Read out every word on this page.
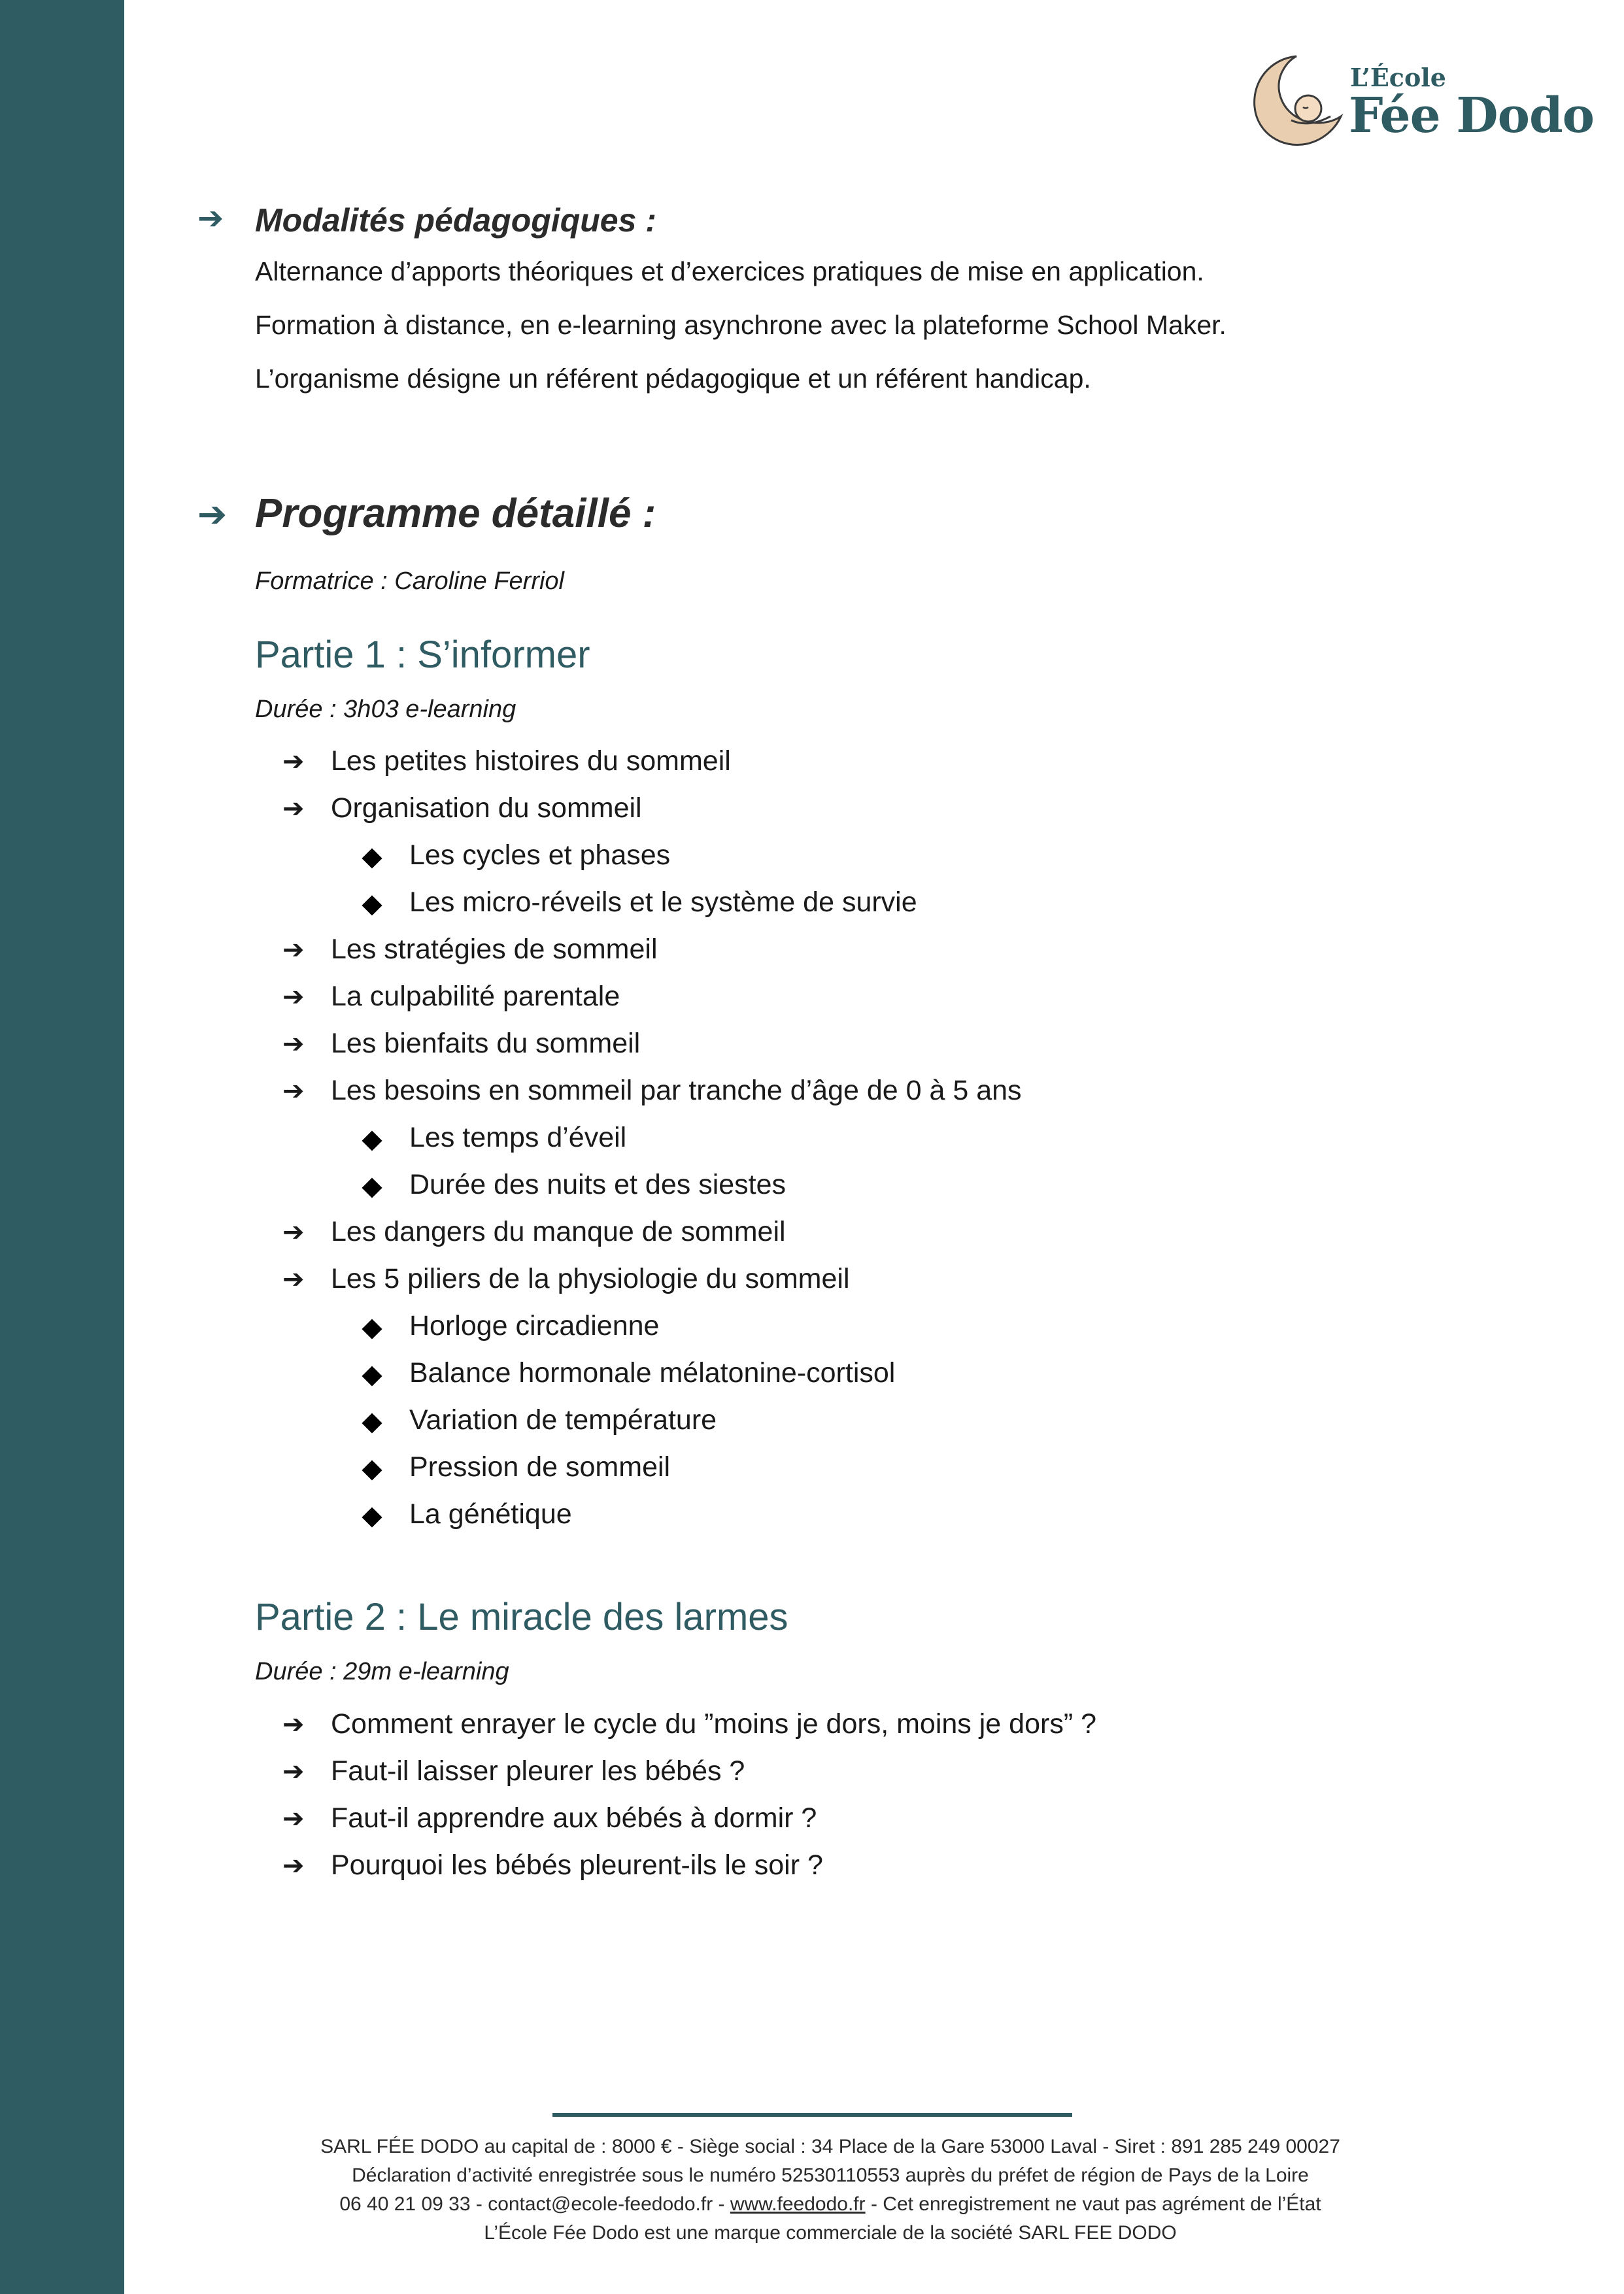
L’École
Fée Dodo
➔ Modalités pédagogiques :
Alternance d’apports théoriques et d’exercices pratiques de mise en application.
Formation à distance, en e-learning asynchrone avec la plateforme School Maker.
L’organisme désigne un référent pédagogique et un référent handicap.
➔ Programme détaillé :
Formatrice : Caroline Ferriol
Partie 1 : S’informer
Durée : 3h03 e-learning
➔ Les petites histoires du sommeil
➔ Organisation du sommeil
Les cycles et phases
Les micro-réveils et le système de survie
➔ Les stratégies de sommeil
➔ La culpabilité parentale
➔ Les bienfaits du sommeil
➔ Les besoins en sommeil par tranche d’âge de 0 à 5 ans
Les temps d’éveil
Durée des nuits et des siestes
➔ Les dangers du manque de sommeil
➔ Les 5 piliers de la physiologie du sommeil
Horloge circadienne
Balance hormonale mélatonine-cortisol
Variation de température
Pression de sommeil
La génétique
Partie 2 : Le miracle des larmes
Durée : 29m e-learning
➔ Comment enrayer le cycle du ”moins je dors, moins je dors” ?
➔ Faut-il laisser pleurer les bébés ?
➔ Faut-il apprendre aux bébés à dormir ?
➔ Pourquoi les bébés pleurent-ils le soir ?
SARL FÉE DODO au capital de : 8000 € - Siège social : 34 Place de la Gare 53000 Laval - Siret : 891 285 249 00027
Déclaration d’activité enregistrée sous le numéro 52530110553 auprès du préfet de région de Pays de la Loire
06 40 21 09 33 - contact@ecole-feedodo.fr - www.feedodo.fr - Cet enregistrement ne vaut pas agrément de l’État
L’École Fée Dodo est une marque commerciale de la société SARL FEE DODO
